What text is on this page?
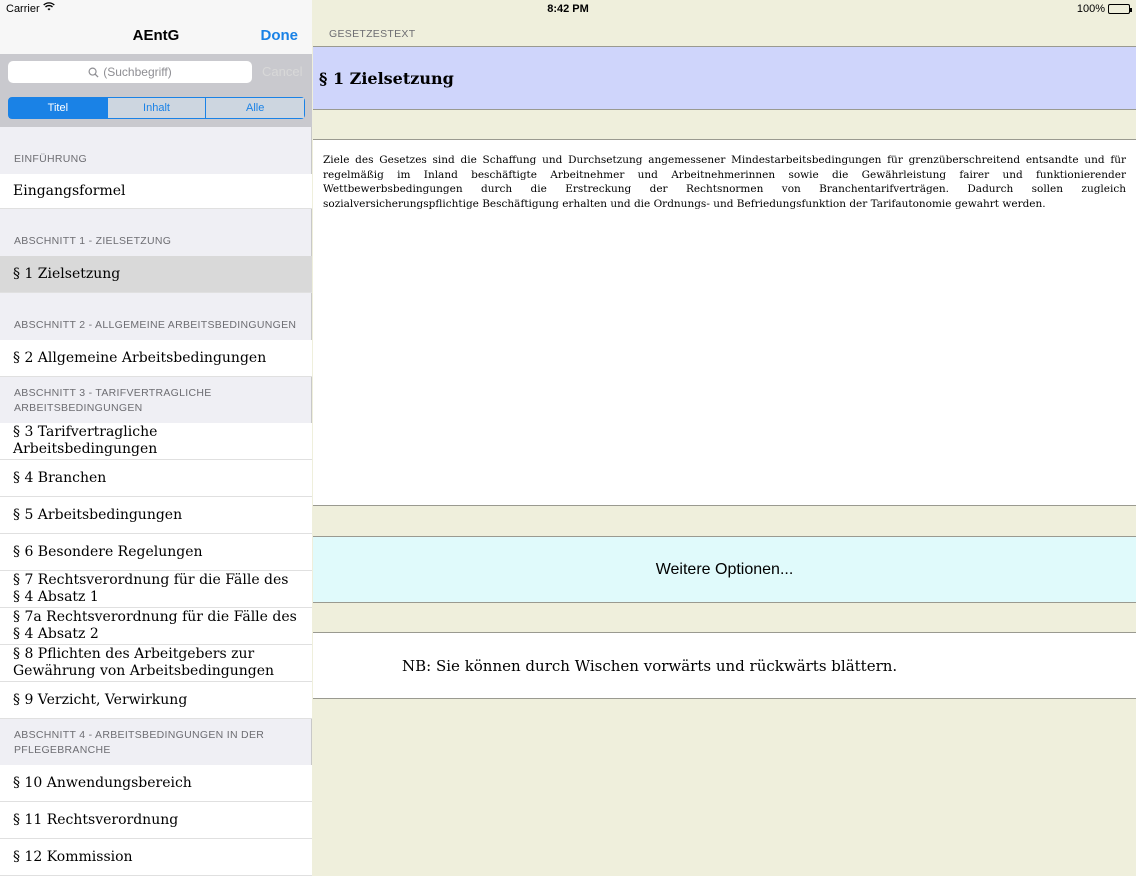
Carrier	8:42 PM	100%
AEntG	Done
(Suchbegriff)	Cancel
Titel	Inhalt	Alle
EINFÜHRUNG
Eingangsformel
ABSCHNITT 1 - ZIELSETZUNG
§ 1 Zielsetzung
ABSCHNITT 2 - ALLGEMEINE ARBEITSBEDINGUNGEN
§ 2 Allgemeine Arbeitsbedingungen
ABSCHNITT 3 - TARIFVERTRAGLICHE ARBEITSBEDINGUNGEN
§ 3 Tarifvertragliche Arbeitsbedingungen
§ 4 Branchen
§ 5 Arbeitsbedingungen
§ 6 Besondere Regelungen
§ 7 Rechtsverordnung für die Fälle des § 4 Absatz 1
§ 7a Rechtsverordnung für die Fälle des § 4 Absatz 2
§ 8 Pflichten des Arbeitgebers zur Gewährung von Arbeitsbedingungen
§ 9 Verzicht, Verwirkung
ABSCHNITT 4 - ARBEITSBEDINGUNGEN IN DER PFLEGEBRANCHE
§ 10 Anwendungsbereich
§ 11 Rechtsverordnung
§ 12 Kommission
GESETZESTEXT
§ 1 Zielsetzung

Ziele des Gesetzes sind die Schaffung und Durchsetzung angemessener Mindestarbeitsbedingungen für grenzüberschreitend entsandte und für regelmäßig im Inland beschäftigte Arbeitnehmer und Arbeitnehmerinnen sowie die Gewährleistung fairer und funktionierender Wettbewerbsbedingungen durch die Erstreckung der Rechtsnormen von Branchentarifverträgen. Dadurch sollen zugleich sozialversicherungspflichtige Beschäftigung erhalten und die Ordnungs- und Befriedungsfunktion der Tarifautonomie gewahrt werden.

Weitere Optionen...
NB: Sie können durch Wischen vorwärts und rückwärts blättern.
